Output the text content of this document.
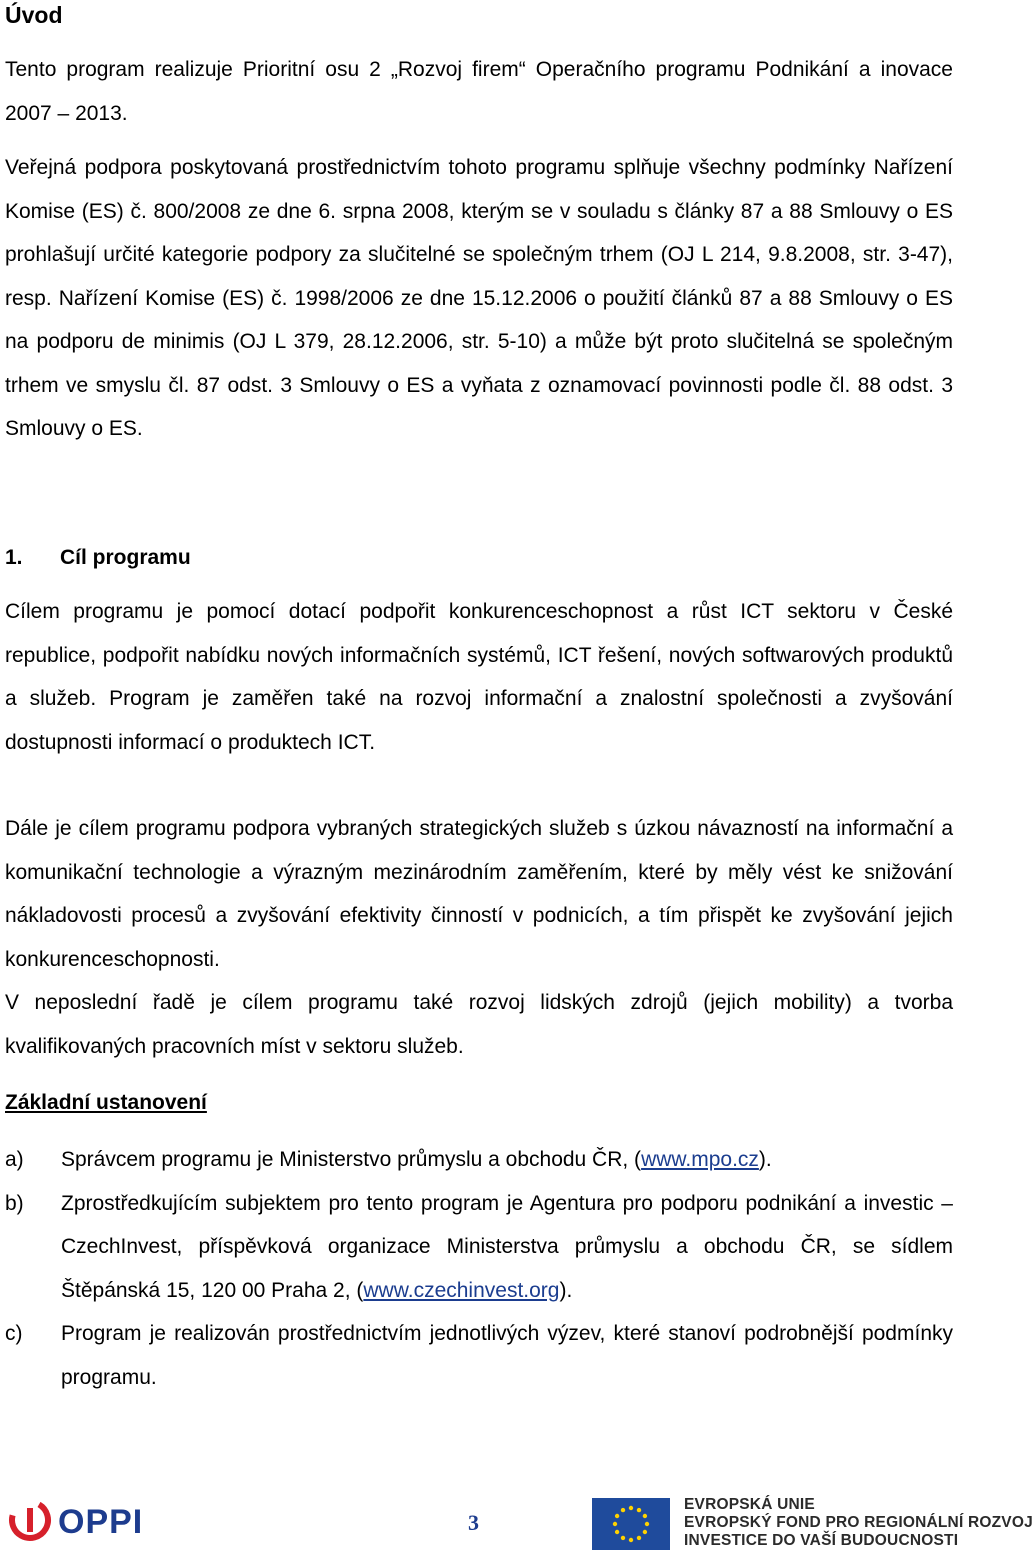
Úvod

Tento program realizuje Prioritní osu 2 „Rozvoj firem“ Operačního programu Podnikání a inovace 2007 – 2013.

Veřejná podpora poskytovaná prostřednictvím tohoto programu splňuje všechny podmínky Nařízení Komise (ES) č. 800/2008 ze dne 6. srpna 2008, kterým se v souladu s články 87 a 88 Smlouvy o ES prohlašují určité kategorie podpory za slučitelné se společným trhem (OJ L 214, 9.8.2008, str. 3-47), resp. Nařízení Komise (ES) č. 1998/2006 ze dne 15.12.2006 o použití článků 87 a 88 Smlouvy o ES na podporu de minimis (OJ L 379, 28.12.2006, str. 5-10) a může být proto slučitelná se společným trhem ve smyslu čl. 87 odst. 3 Smlouvy o ES a vyňata z oznamovací povinnosti podle čl. 88 odst. 3 Smlouvy o ES.

1. Cíl programu

Cílem programu je pomocí dotací podpořit konkurenceschopnost a růst ICT sektoru v České republice, podpořit nabídku nových informačních systémů, ICT řešení, nových softwarových produktů a služeb. Program je zaměřen také na rozvoj informační a znalostní společnosti a zvyšování dostupnosti informací o produktech ICT.

Dále je cílem programu podpora vybraných strategických služeb s úzkou návazností na informační a komunikační technologie a výrazným mezinárodním zaměřením, které by měly vést ke snižování nákladovosti procesů a zvyšování efektivity činností v podnicích, a tím přispět ke zvyšování jejich konkurenceschopnosti.

V neposlední řadě je cílem programu také rozvoj lidských zdrojů (jejich mobility) a tvorba kvalifikovaných pracovních míst v sektoru služeb.

Základní ustanovení
a) Správcem programu je Ministerstvo průmyslu a obchodu ČR, (www.mpo.cz).
b) Zprostředkujícím subjektem pro tento program je Agentura pro podporu podnikání a investic – CzechInvest, příspěvková organizace Ministerstva průmyslu a obchodu ČR, se sídlem Štěpánská 15, 120 00 Praha 2, (www.czechinvest.org).
c) Program je realizován prostřednictvím jednotlivých výzev, které stanoví podrobnější podmínky programu.
OPPI	3
EVROPSKÁ UNIE
EVROPSKÝ FOND PRO REGIONÁLNÍ ROZVOJ
INVESTICE DO VAŠÍ BUDOUCNOSTI
